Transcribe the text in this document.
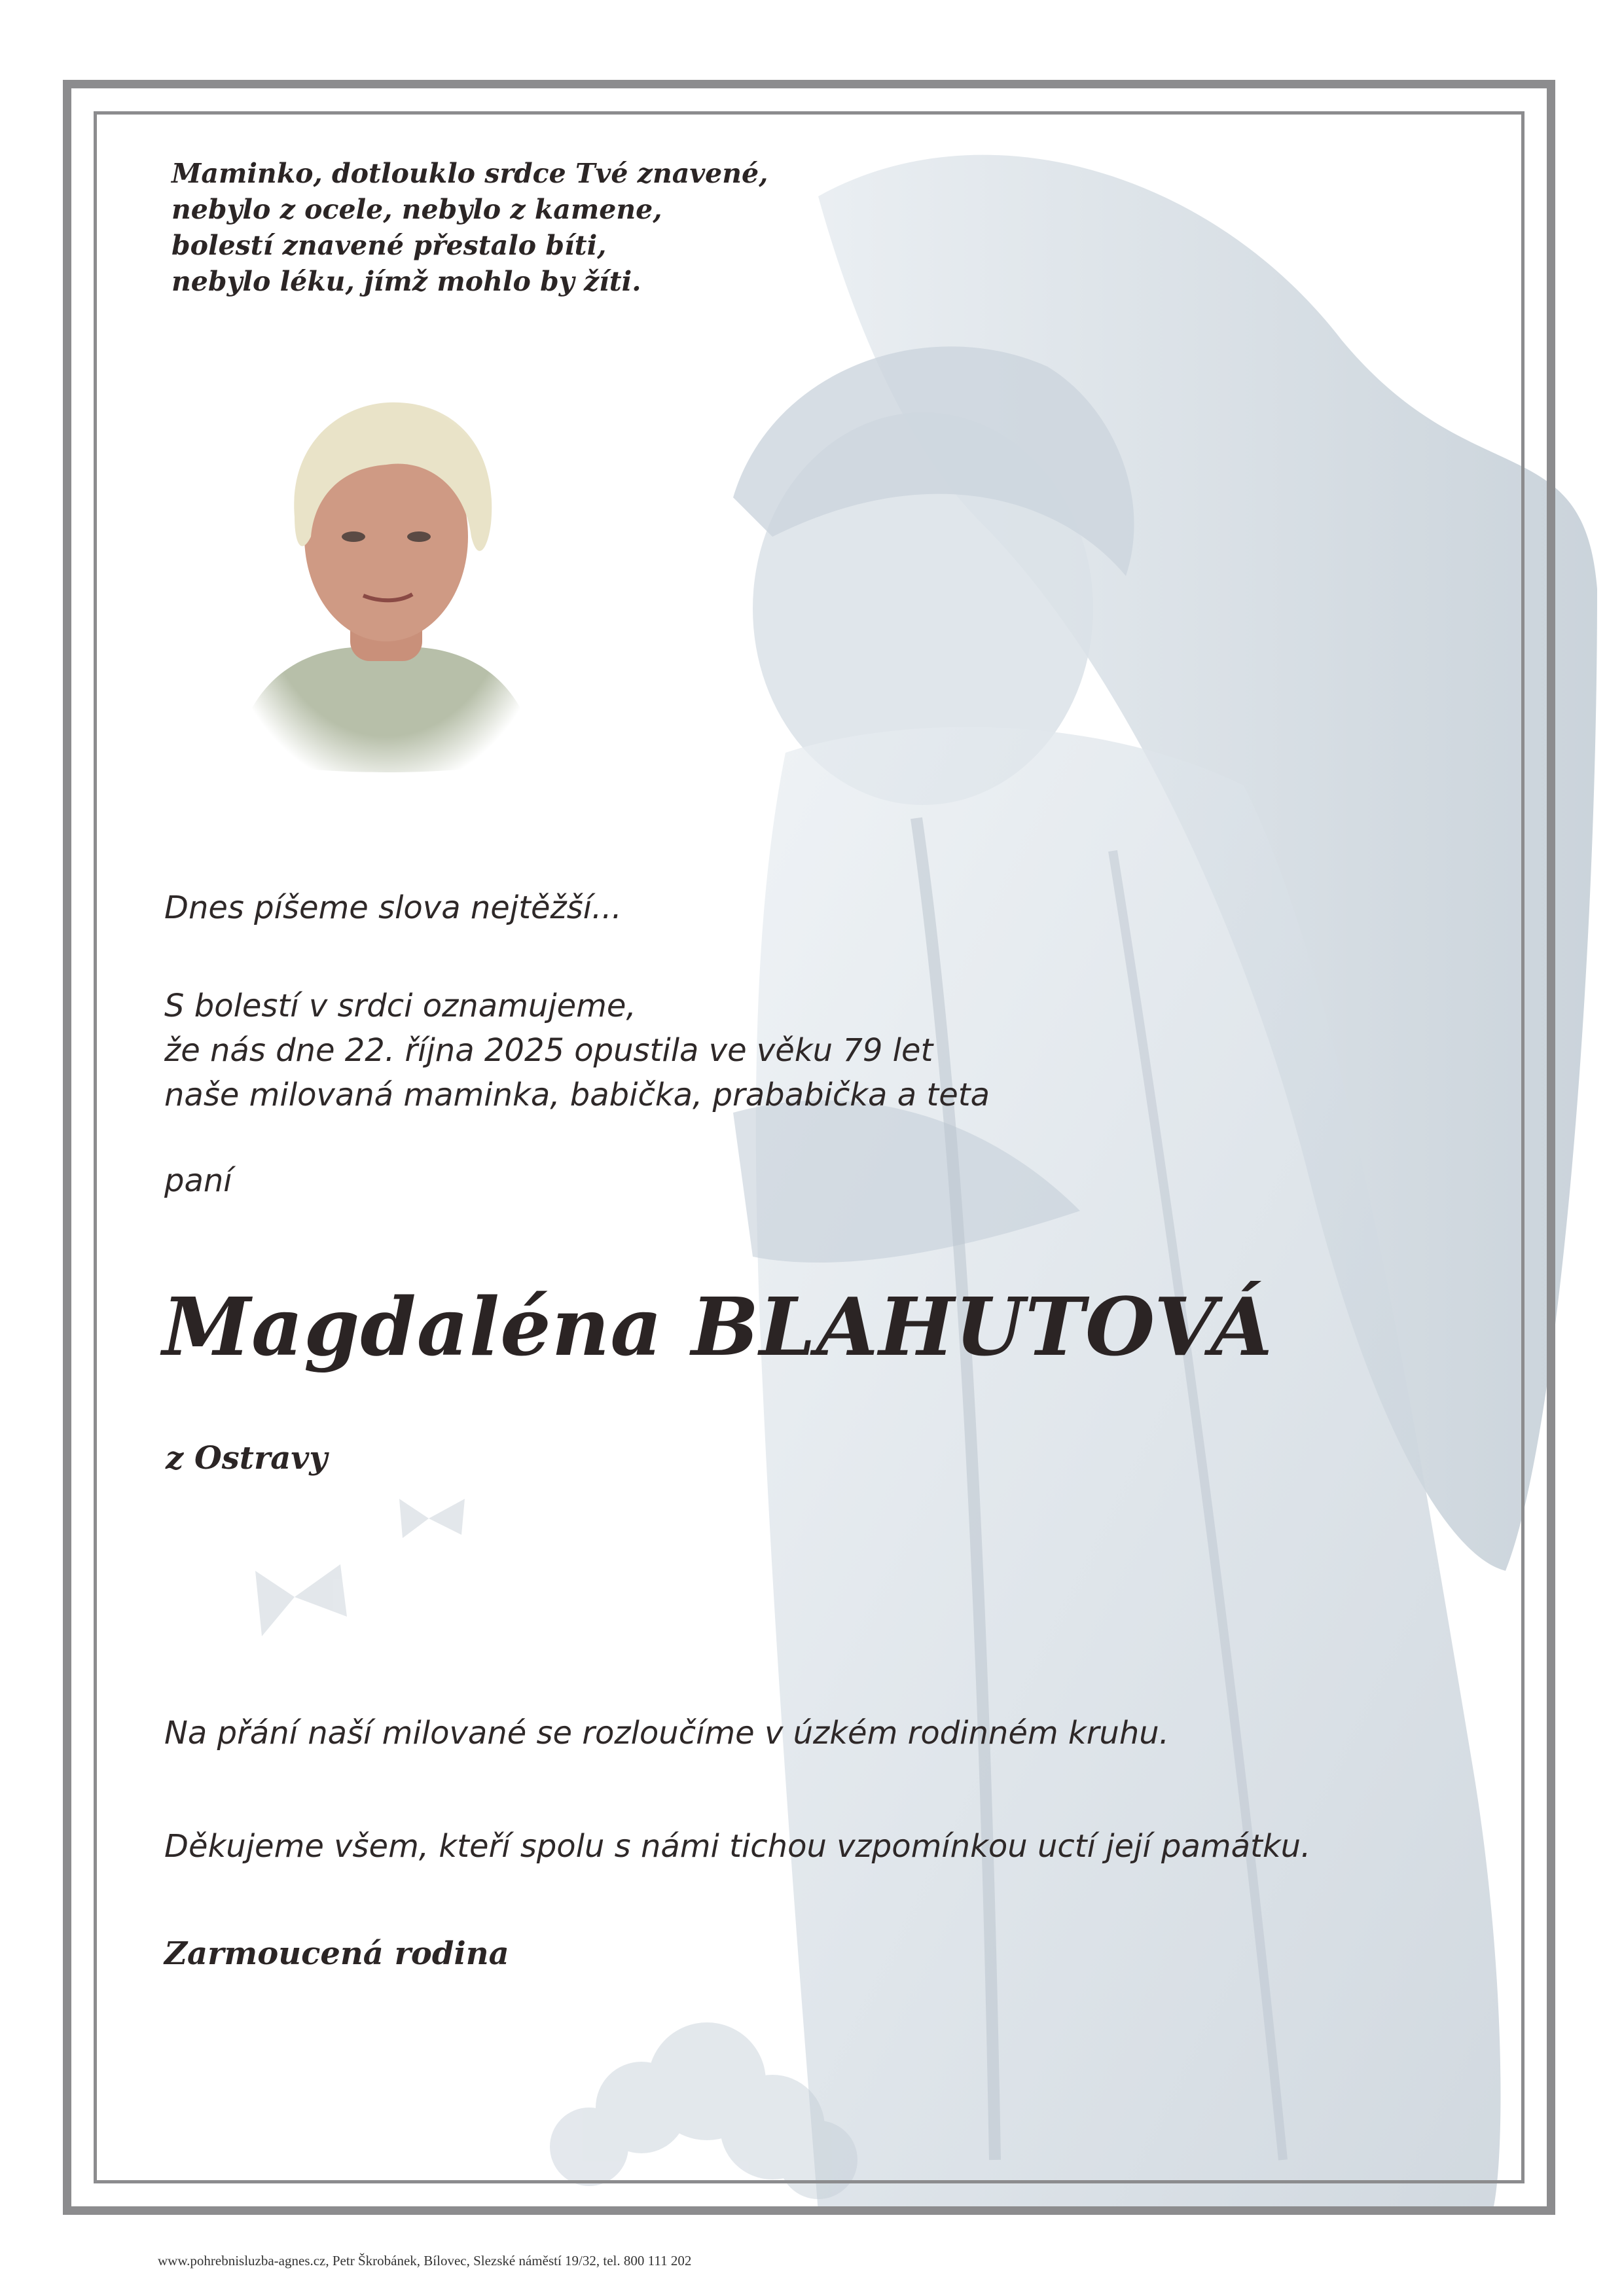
Maminko, dotlouklo srdce Tvé znavené,
nebylo z ocele, nebylo z kamene,
bolestí znavené přestalo bíti,
nebylo léku, jímž mohlo by žíti.
Dnes píšeme slova nejtěžší...
S bolestí v srdci oznamujeme,
že nás dne 22. října 2025 opustila ve věku 79 let
naše milovaná maminka, babička, prababička a teta
paní
Magdaléna BLAHUTOVÁ
z Ostravy
Na přání naší milované se rozloučíme v úzkém rodinném kruhu.
Děkujeme všem, kteří spolu s námi tichou vzpomínkou uctí její památku.
Zarmoucená rodina
www.pohrebnisluzba-agnes.cz, Petr Škrobánek, Bílovec, Slezské náměstí 19/32, tel. 800 111 202
